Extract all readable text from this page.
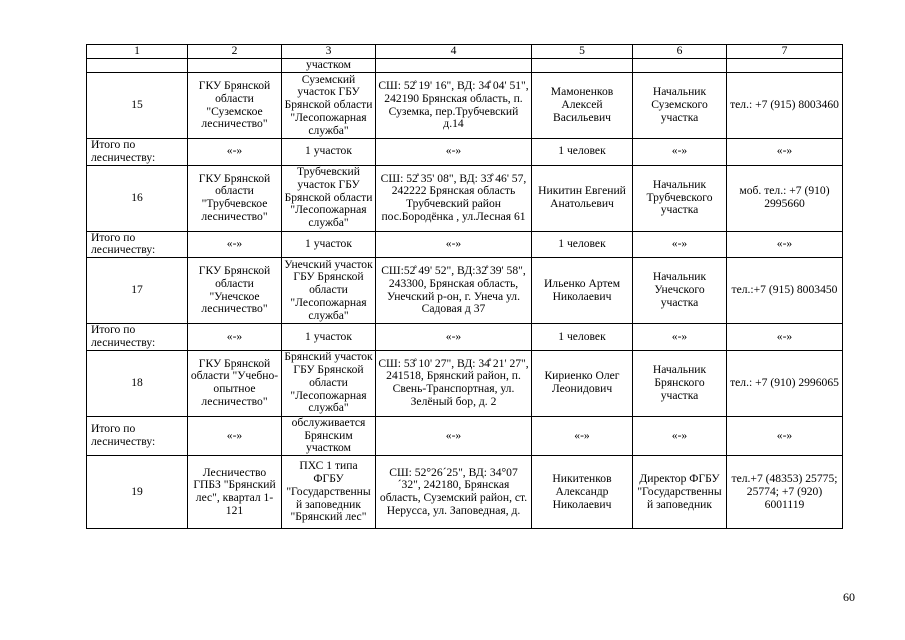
1	2	3	4	5	6	7
		участком				
15	ГКУ Брянской области "Суземское лесничество"	Суземский участок ГБУ Брянской области "Лесопожарная служба"	СШ: 52̊ 19' 16", ВД: 34̊ 04' 51", 242190 Брянская область, п. Суземка, пер.Трубчевский д.14	Мамоненков Алексей Васильевич	Начальник Суземского участка	тел.: +7 (915) 8003460
Итого по лесничеству:	«-»	1 участок	«-»	1 человек	«-»	«-»
16	ГКУ Брянской области "Трубчевское лесничество"	Трубчевский участок ГБУ Брянской области "Лесопожарная служба"	СШ: 52̊ 35' 08", ВД: 33̊ 46' 57, 242222 Брянская область Трубчевский район пос.Бородёнка , ул.Лесная 61	Никитин Евгений Анатольевич	Начальник Трубчевского участка	моб. тел.: +7 (910) 2995660
Итого по лесничеству:	«-»	1 участок	«-»	1 человек	«-»	«-»
17	ГКУ Брянской области "Унечское лесничество"	Унечский участок ГБУ Брянской области "Лесопожарная служба"	СШ:52̊ 49' 52", ВД:32̊ 39' 58", 243300, Брянская область, Унечский р-он, г. Унеча ул. Садовая д 37	Ильенко Артем Николаевич	Начальник Унечского участка	тел.:+7 (915) 8003450
Итого по лесничеству:	«-»	1 участок	«-»	1 человек	«-»	«-»
18	ГКУ Брянской области "Учебно-опытное лесничество"	Брянский участок ГБУ Брянской области "Лесопожарная служба"	СШ: 53̊ 10' 27", ВД: 34̊ 21' 27", 241518, Брянский район, п. Свень-Транспортная, ул. Зелёный бор, д. 2	Кириенко Олег Леонидович	Начальник Брянского участка	тел.: +7 (910) 2996065
Итого по лесничеству:	«-»	обслуживается Брянским участком	«-»	«-»	«-»	«-»
19	Лесничество ГПБЗ "Брянский лес", квартал 1-121	ПХС 1 типа ФГБУ "Государственный заповедник "Брянский лес"	СШ: 52°26´25", ВД: 34°07´32", 242180, Брянская область, Суземский район, ст. Нерусса, ул. Заповедная, д.	Никитенков Александр Николаевич	Директор ФГБУ "Государственный заповедник	тел.+7 (48353) 25775; 25774; +7 (920) 6001119
60
